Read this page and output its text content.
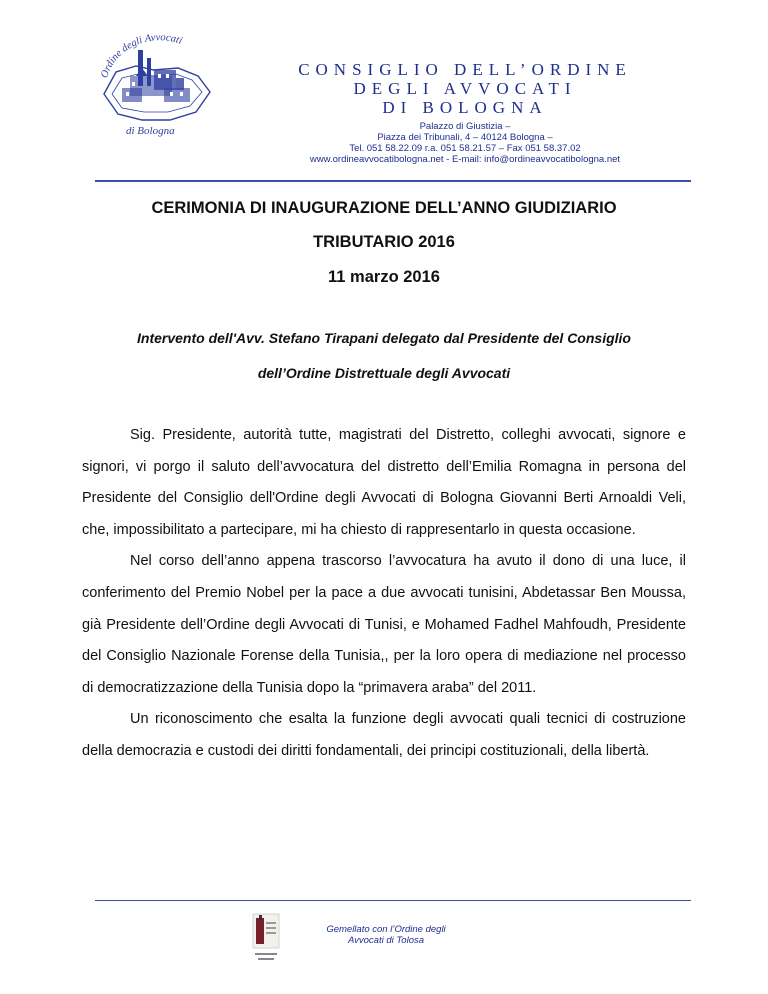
Ordine degli Avvocati
di Bologna

CONSIGLIO DELL’ORDINE

DEGLI AVVOCATI

DI BOLOGNA

Palazzo di Giustizia –

Piazza dei Tribunali, 4 – 40124 Bologna –

Tel. 051 58.22.09 r.a. 051 58.21.57 – Fax 051 58.37.02

www.ordineavvocatibologna.net - E-mail: info@ordineavvocatibologna.net

CERIMONIA DI INAUGURAZIONE DELL’ANNO GIUDIZIARIO

TRIBUTARIO 2016

11 marzo 2016

Intervento dell'Avv. Stefano Tirapani delegato dal Presidente del Consiglio

dell’Ordine Distrettuale degli Avvocati

Sig. Presidente, autorità tutte, magistrati del Distretto, colleghi avvocati, signore e signori, vi porgo il saluto dell’avvocatura del distretto dell’Emilia Romagna in persona del Presidente del Consiglio dell'Ordine degli Avvocati di Bologna Giovanni Berti Arnoaldi Veli, che, impossibilitato a partecipare, mi ha chiesto di rappresentarlo in questa occasione.

Nel corso dell’anno appena trascorso l’avvocatura ha avuto il dono di una luce, il conferimento del Premio Nobel per la pace a due avvocati tunisini, Abdetassar Ben Moussa, già Presidente dell’Ordine degli Avvocati di Tunisi, e Mohamed Fadhel Mahfoudh, Presidente del Consiglio Nazionale Forense della Tunisia,, per la loro opera di mediazione nel processo di democratizzazione della Tunisia dopo la “primavera araba” del 2011.

Un riconoscimento che esalta la funzione degli avvocati quali tecnici di costruzione della democrazia e custodi dei diritti fondamentali, dei principi costituzionali, della libertà.

Gemellato con l’Ordine degli
Avvocati di Tolosa
